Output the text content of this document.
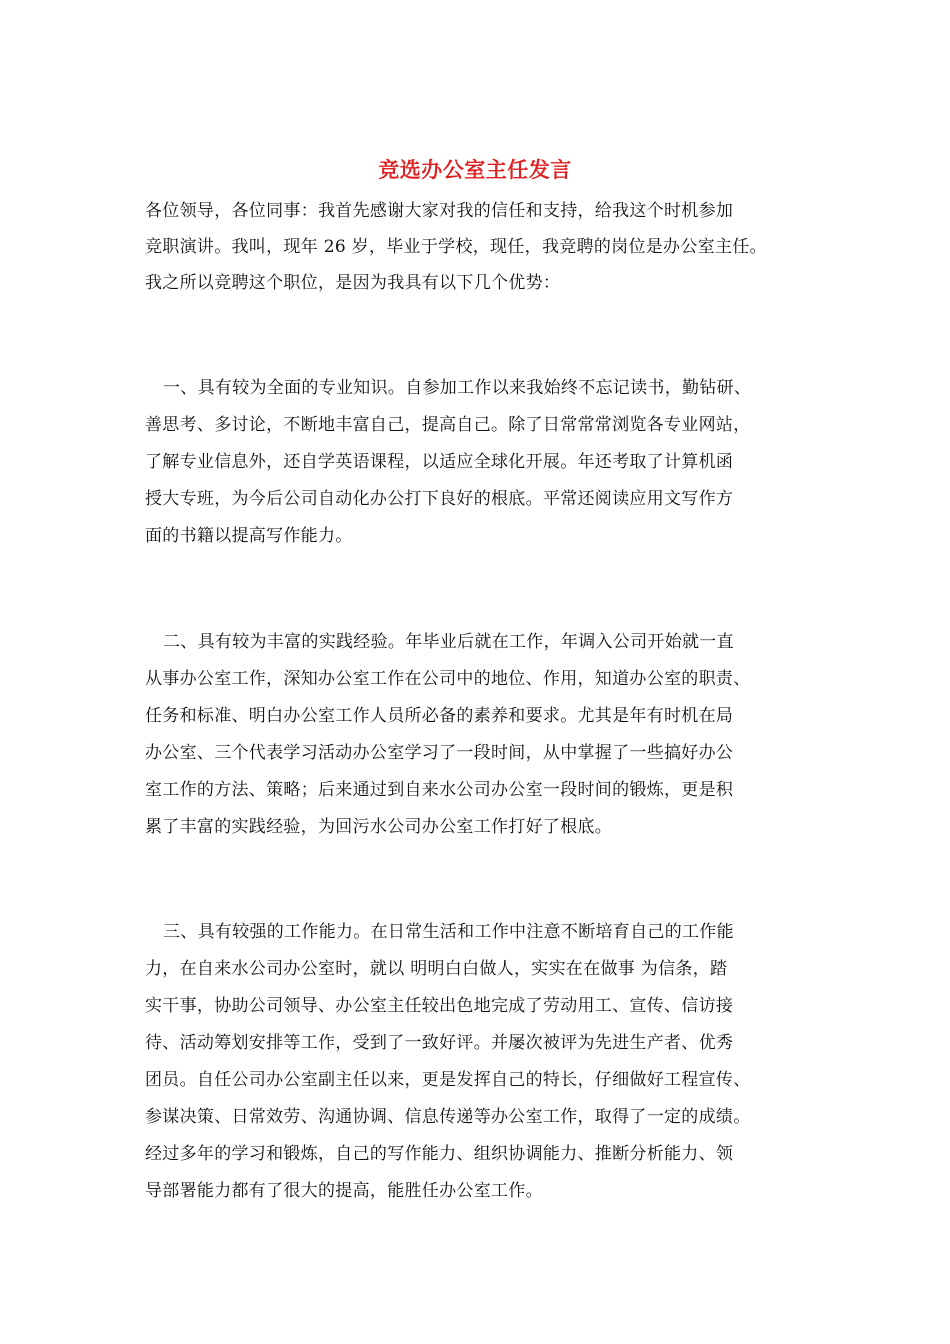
竞选办公室主任发言
各位领导，各位同事：我首先感谢大家对我的信任和支持，给我这个时机参加
竞职演讲。我叫，现年 26 岁，毕业于学校，现任，我竞聘的岗位是办公室主任。
我之所以竞聘这个职位，是因为我具有以下几个优势：
一、具有较为全面的专业知识。自参加工作以来我始终不忘记读书，勤钻研、
善思考、多讨论，不断地丰富自己，提高自己。除了日常常常浏览各专业网站，
了解专业信息外，还自学英语课程，以适应全球化开展。年还考取了计算机函
授大专班，为今后公司自动化办公打下良好的根底。平常还阅读应用文写作方
面的书籍以提高写作能力。
二、具有较为丰富的实践经验。年毕业后就在工作，年调入公司开始就一直
从事办公室工作，深知办公室工作在公司中的地位、作用，知道办公室的职责、
任务和标准、明白办公室工作人员所必备的素养和要求。尤其是年有时机在局
办公室、三个代表学习活动办公室学习了一段时间，从中掌握了一些搞好办公
室工作的方法、策略；后来通过到自来水公司办公室一段时间的锻炼，更是积
累了丰富的实践经验，为回污水公司办公室工作打好了根底。
三、具有较强的工作能力。在日常生活和工作中注意不断培育自己的工作能
力，在自来水公司办公室时，就以 明明白白做人，实实在在做事 为信条，踏
实干事，协助公司领导、办公室主任较出色地完成了劳动用工、宣传、信访接
待、活动筹划安排等工作，受到了一致好评。并屡次被评为先进生产者、优秀
团员。自任公司办公室副主任以来，更是发挥自己的特长，仔细做好工程宣传、
参谋决策、日常效劳、沟通协调、信息传递等办公室工作，取得了一定的成绩。
经过多年的学习和锻炼，自己的写作能力、组织协调能力、推断分析能力、领
导部署能力都有了很大的提高，能胜任办公室工作。
